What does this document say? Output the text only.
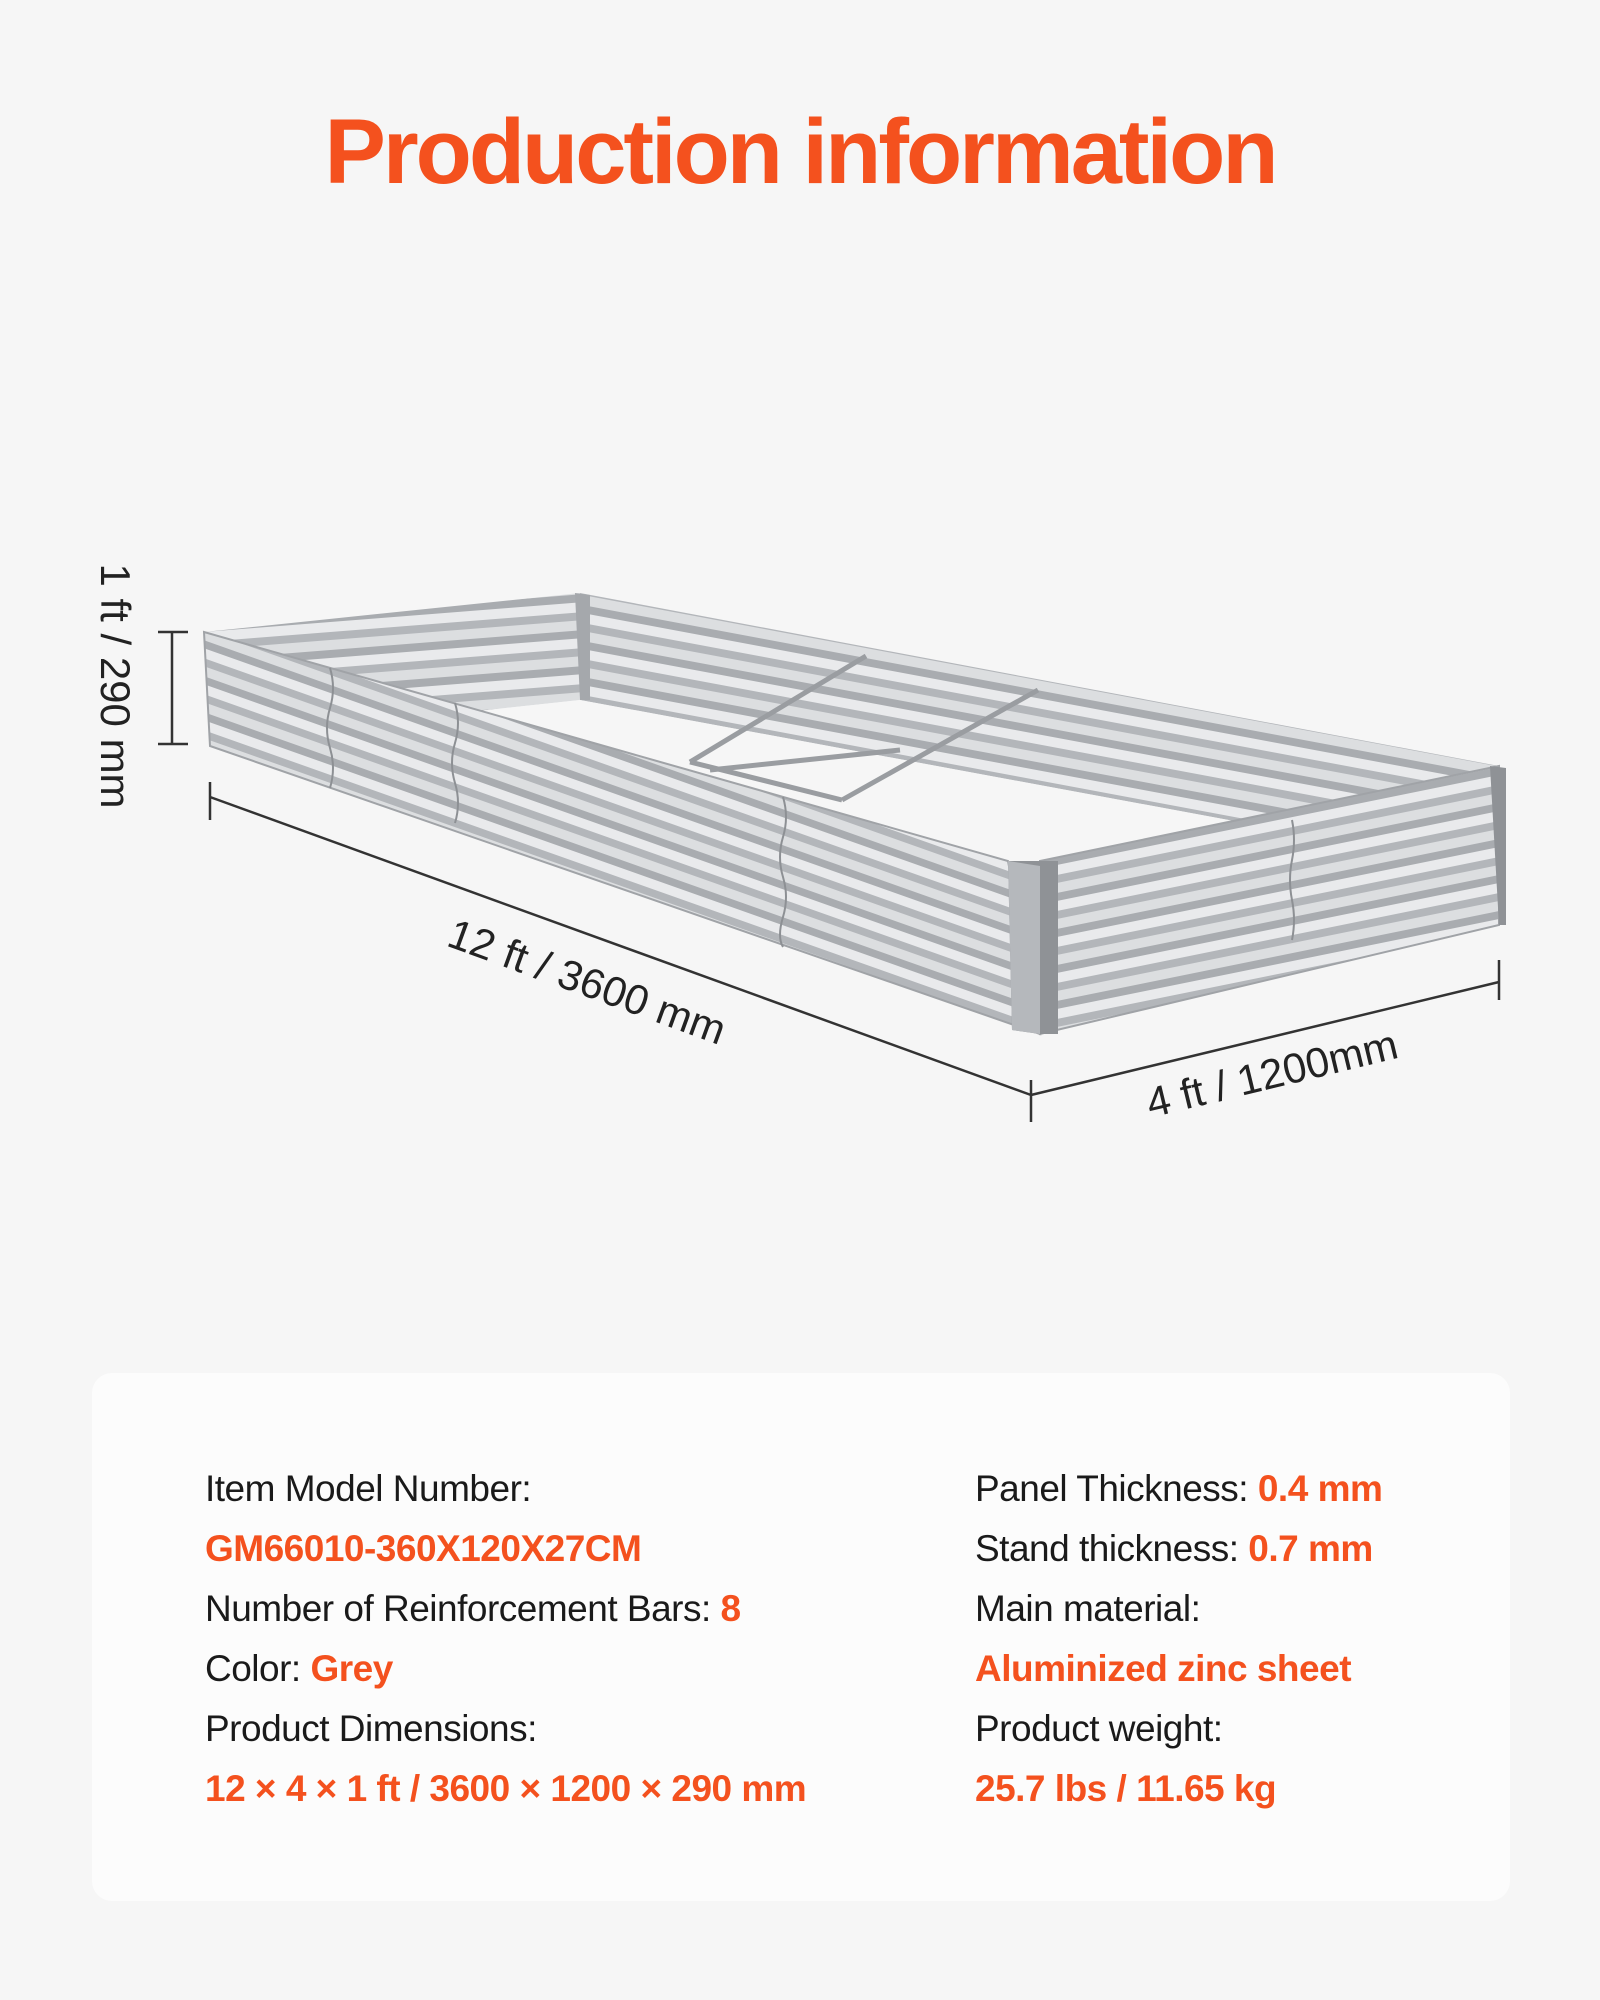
Production information
1 ft / 290 mm
12 ft / 3600 mm
4 ft / 1200mm
Item Model Number:
GM66010-360X120X27CM
Number of Reinforcement Bars: 8
Color: Grey
Product Dimensions:
12 × 4 × 1 ft / 3600 × 1200 × 290 mm
Panel Thickness: 0.4 mm
Stand thickness: 0.7 mm
Main material:
Aluminized zinc sheet
Product weight:
25.7 lbs / 11.65 kg
